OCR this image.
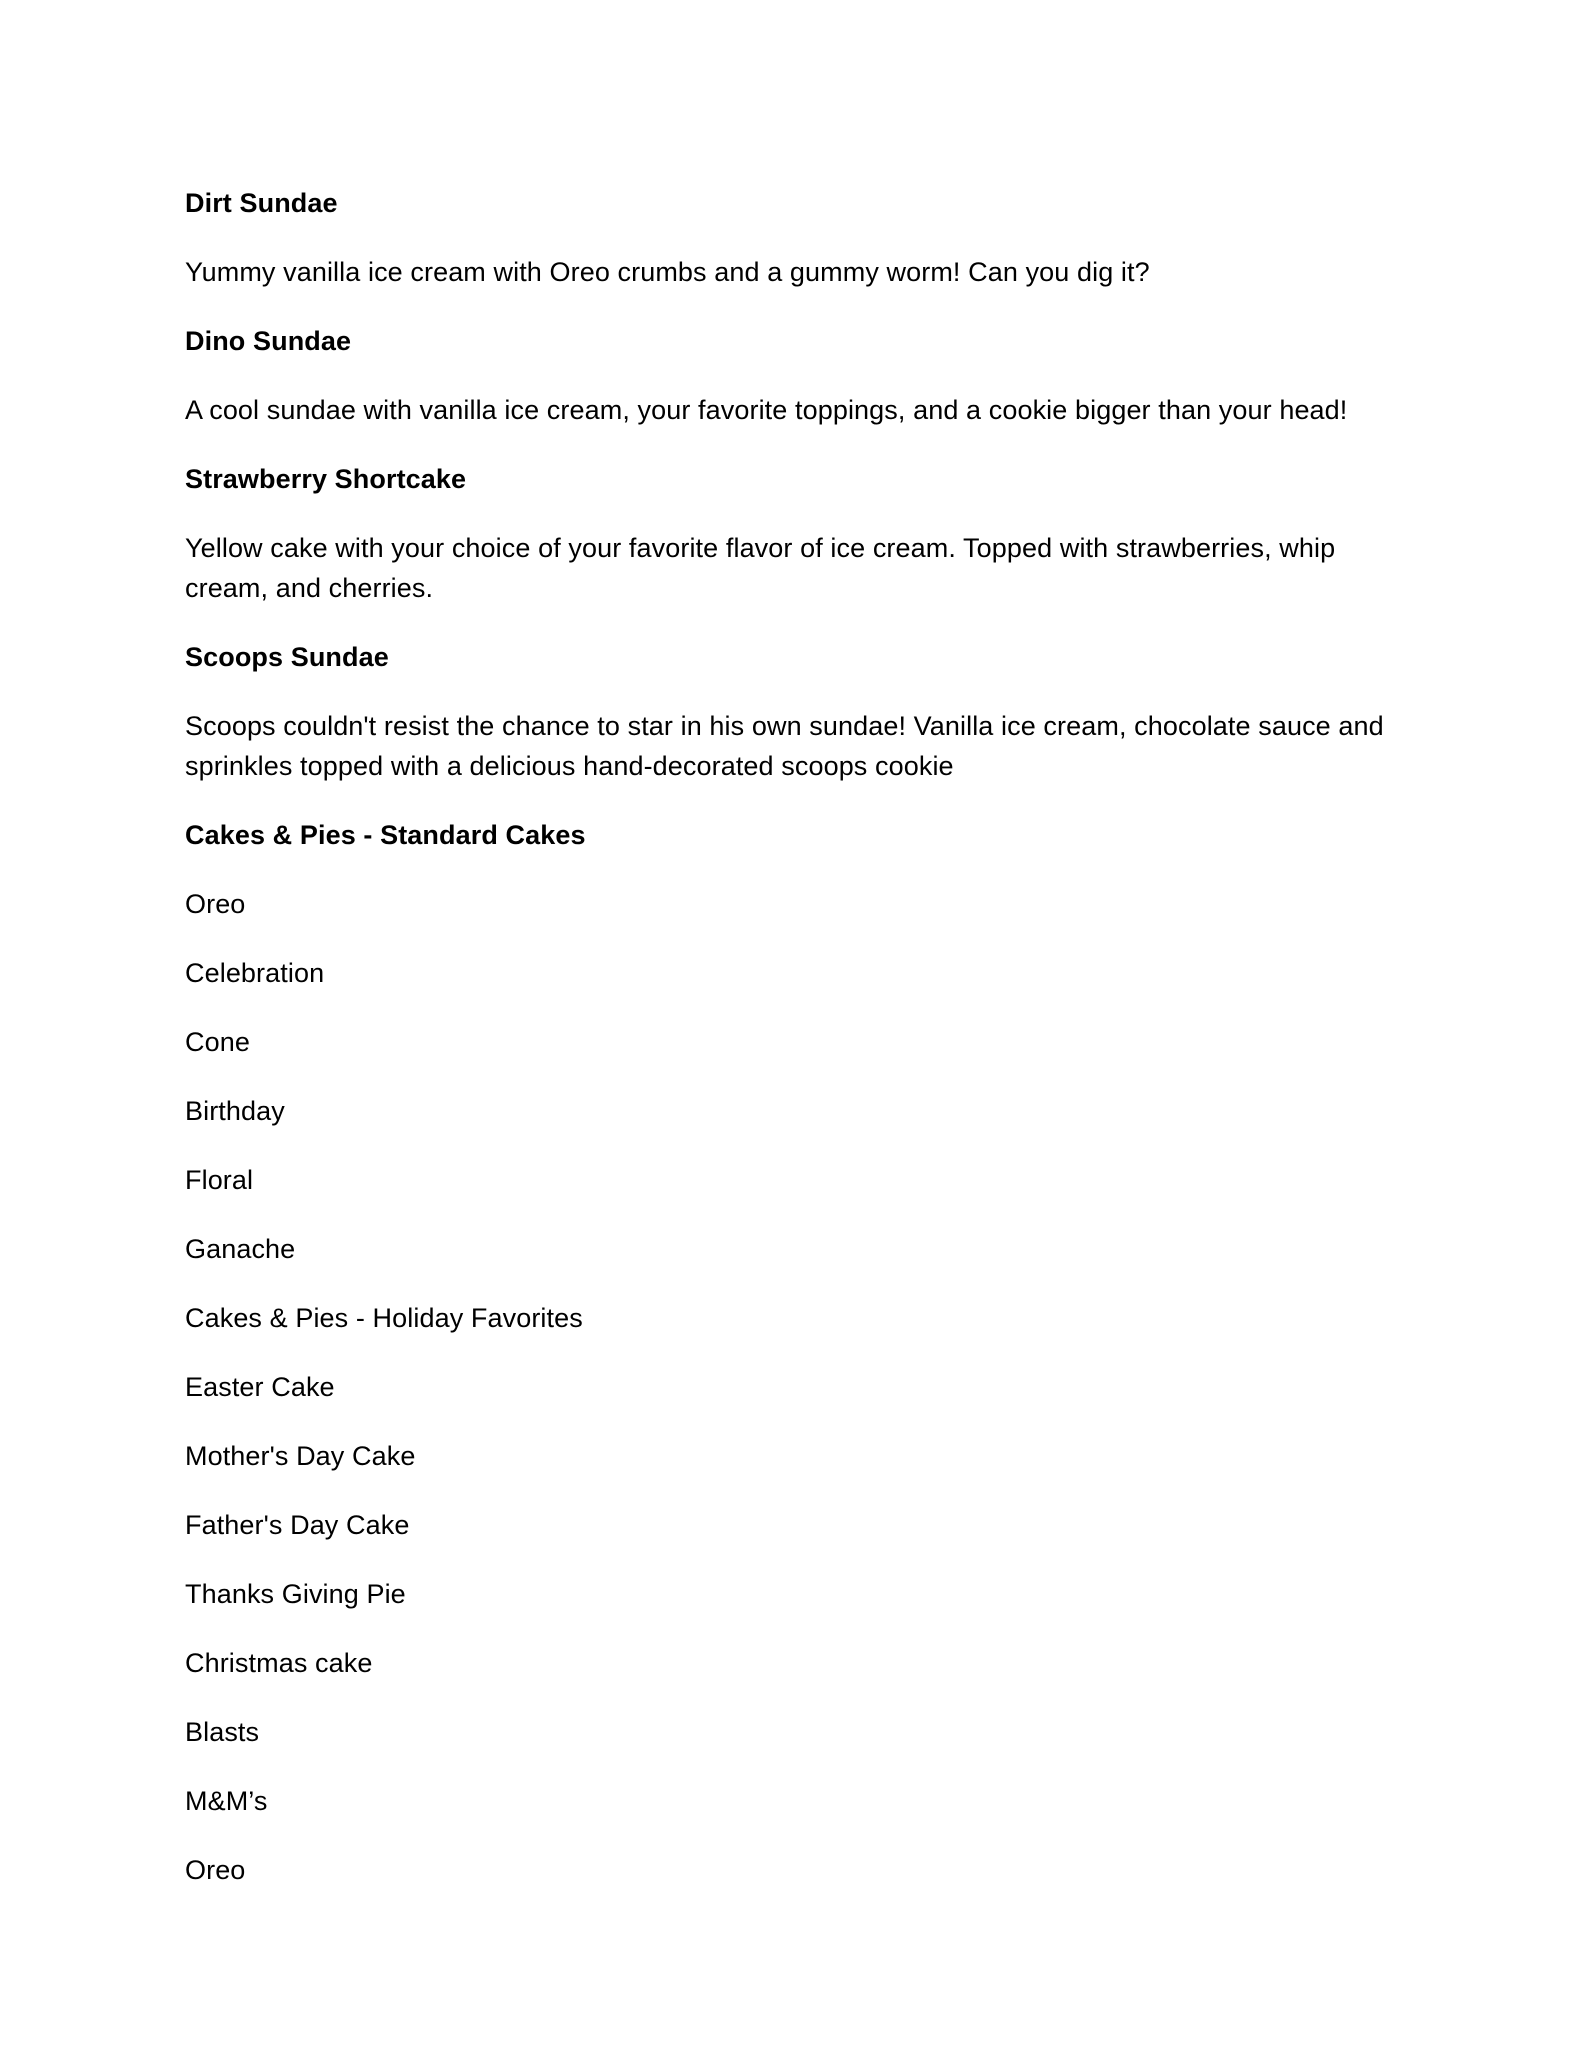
Dirt Sundae

Yummy vanilla ice cream with Oreo crumbs and a gummy worm! Can you dig it?

Dino Sundae

A cool sundae with vanilla ice cream, your favorite toppings, and a cookie bigger than your head!

Strawberry Shortcake

Yellow cake with your choice of your favorite flavor of ice cream. Topped with strawberries, whip cream, and cherries.

Scoops Sundae

Scoops couldn't resist the chance to star in his own sundae! Vanilla ice cream, chocolate sauce and sprinkles topped with a delicious hand-decorated scoops cookie

Cakes & Pies - Standard Cakes

Oreo

Celebration

Cone

Birthday

Floral

Ganache

Cakes & Pies - Holiday Favorites

Easter Cake

Mother's Day Cake

Father's Day Cake

Thanks Giving Pie

Christmas cake

Blasts

M&M’s

Oreo
